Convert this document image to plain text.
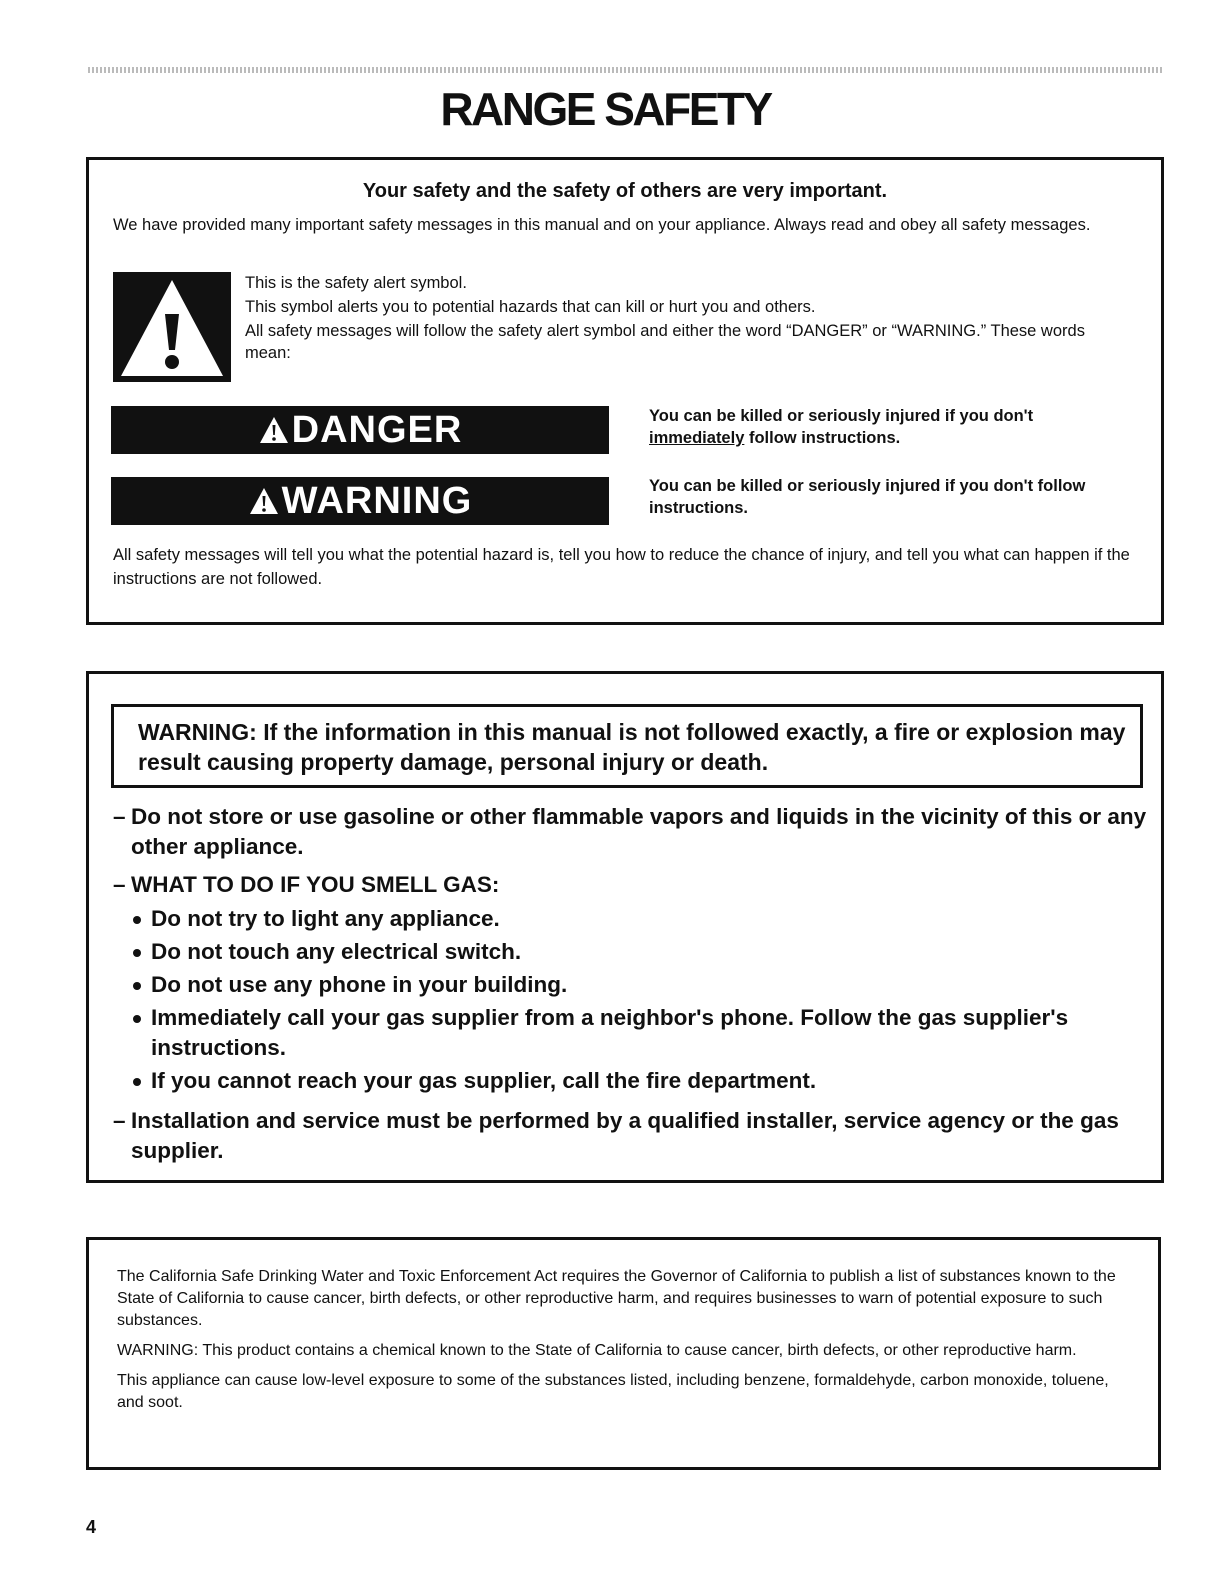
RANGE SAFETY
Your safety and the safety of others are very important.

We have provided many important safety messages in this manual and on your appliance. Always read and obey all safety messages.

This is the safety alert symbol.

This symbol alerts you to potential hazards that can kill or hurt you and others.

All safety messages will follow the safety alert symbol and either the word “DANGER” or “WARNING.” These words mean:

DANGER	You can be killed or seriously injured if you don't
immediately follow instructions.

WARNING	You can be killed or seriously injured if you don't follow instructions.

All safety messages will tell you what the potential hazard is, tell you how to reduce the chance of injury, and tell you what can happen if the instructions are not followed.

WARNING: If the information in this manual is not followed exactly, a fire or explosion may result causing property damage, personal injury or death.

– Do not store or use gasoline or other flammable vapors and liquids in the vicinity of this or any other appliance.
– WHAT TO DO IF YOU SMELL GAS:
Do not try to light any appliance.
Do not touch any electrical switch.
Do not use any phone in your building.
Immediately call your gas supplier from a neighbor's phone. Follow the gas supplier's instructions.
If you cannot reach your gas supplier, call the fire department.
– Installation and service must be performed by a qualified installer, service agency or the gas supplier.

The California Safe Drinking Water and Toxic Enforcement Act requires the Governor of California to publish a list of substances known to the State of California to cause cancer, birth defects, or other reproductive harm, and requires businesses to warn of potential exposure to such substances.

WARNING: This product contains a chemical known to the State of California to cause cancer, birth defects, or other reproductive harm.

This appliance can cause low-level exposure to some of the substances listed, including benzene, formaldehyde, carbon monoxide, toluene, and soot.

4
